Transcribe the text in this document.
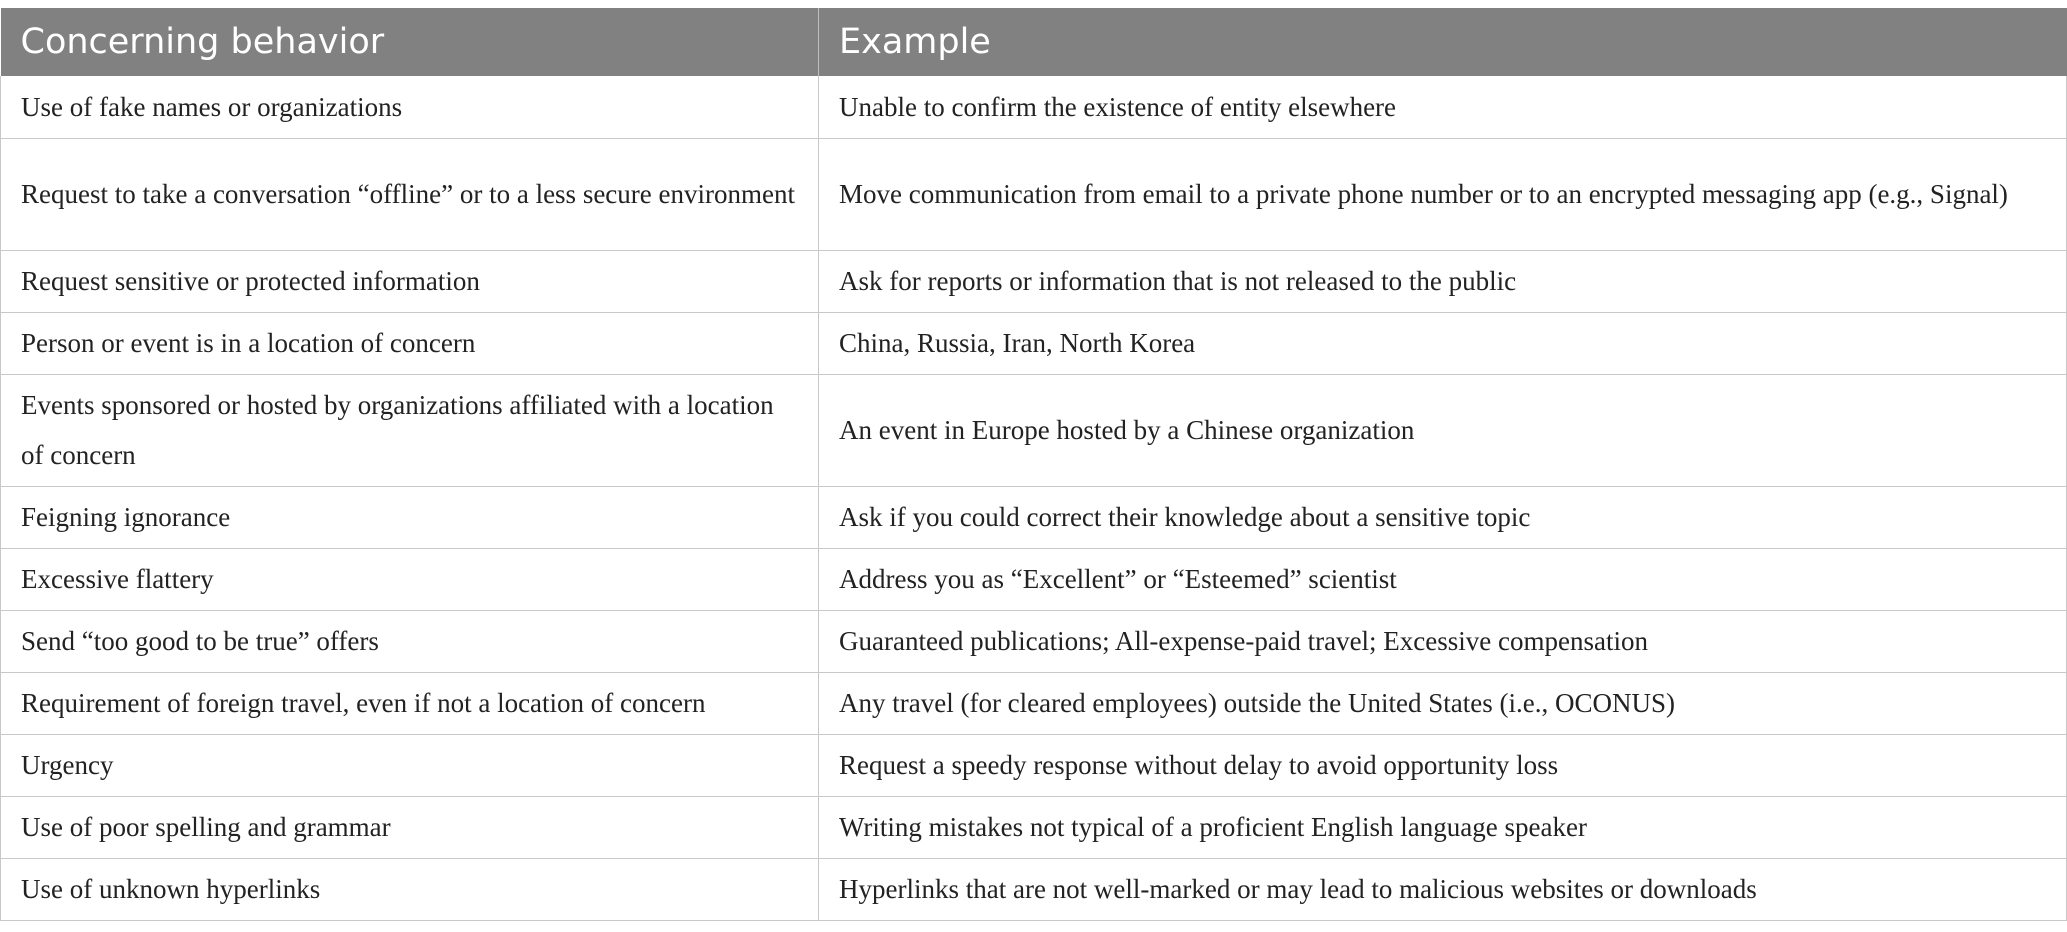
Concerning behavior	Example
Use of fake names or organizations	Unable to confirm the existence of entity elsewhere
Request to take a conversation “offline” or to a less secure environment	Move communication from email to a private phone number or to an encrypted messaging app (e.g., Signal)
Request sensitive or protected information	Ask for reports or information that is not released to the public
Person or event is in a location of concern	China, Russia, Iran, North Korea
Events sponsored or hosted by organizations affiliated with a location of concern	An event in Europe hosted by a Chinese organization
Feigning ignorance	Ask if you could correct their knowledge about a sensitive topic
Excessive flattery	Address you as “Excellent” or “Esteemed” scientist
Send “too good to be true” offers	Guaranteed publications; All-expense-paid travel; Excessive compensation
Requirement of foreign travel, even if not a location of concern	Any travel (for cleared employees) outside the United States (i.e., OCONUS)
Urgency	Request a speedy response without delay to avoid opportunity loss
Use of poor spelling and grammar	Writing mistakes not typical of a proficient English language speaker
Use of unknown hyperlinks	Hyperlinks that are not well-marked or may lead to malicious websites or downloads
